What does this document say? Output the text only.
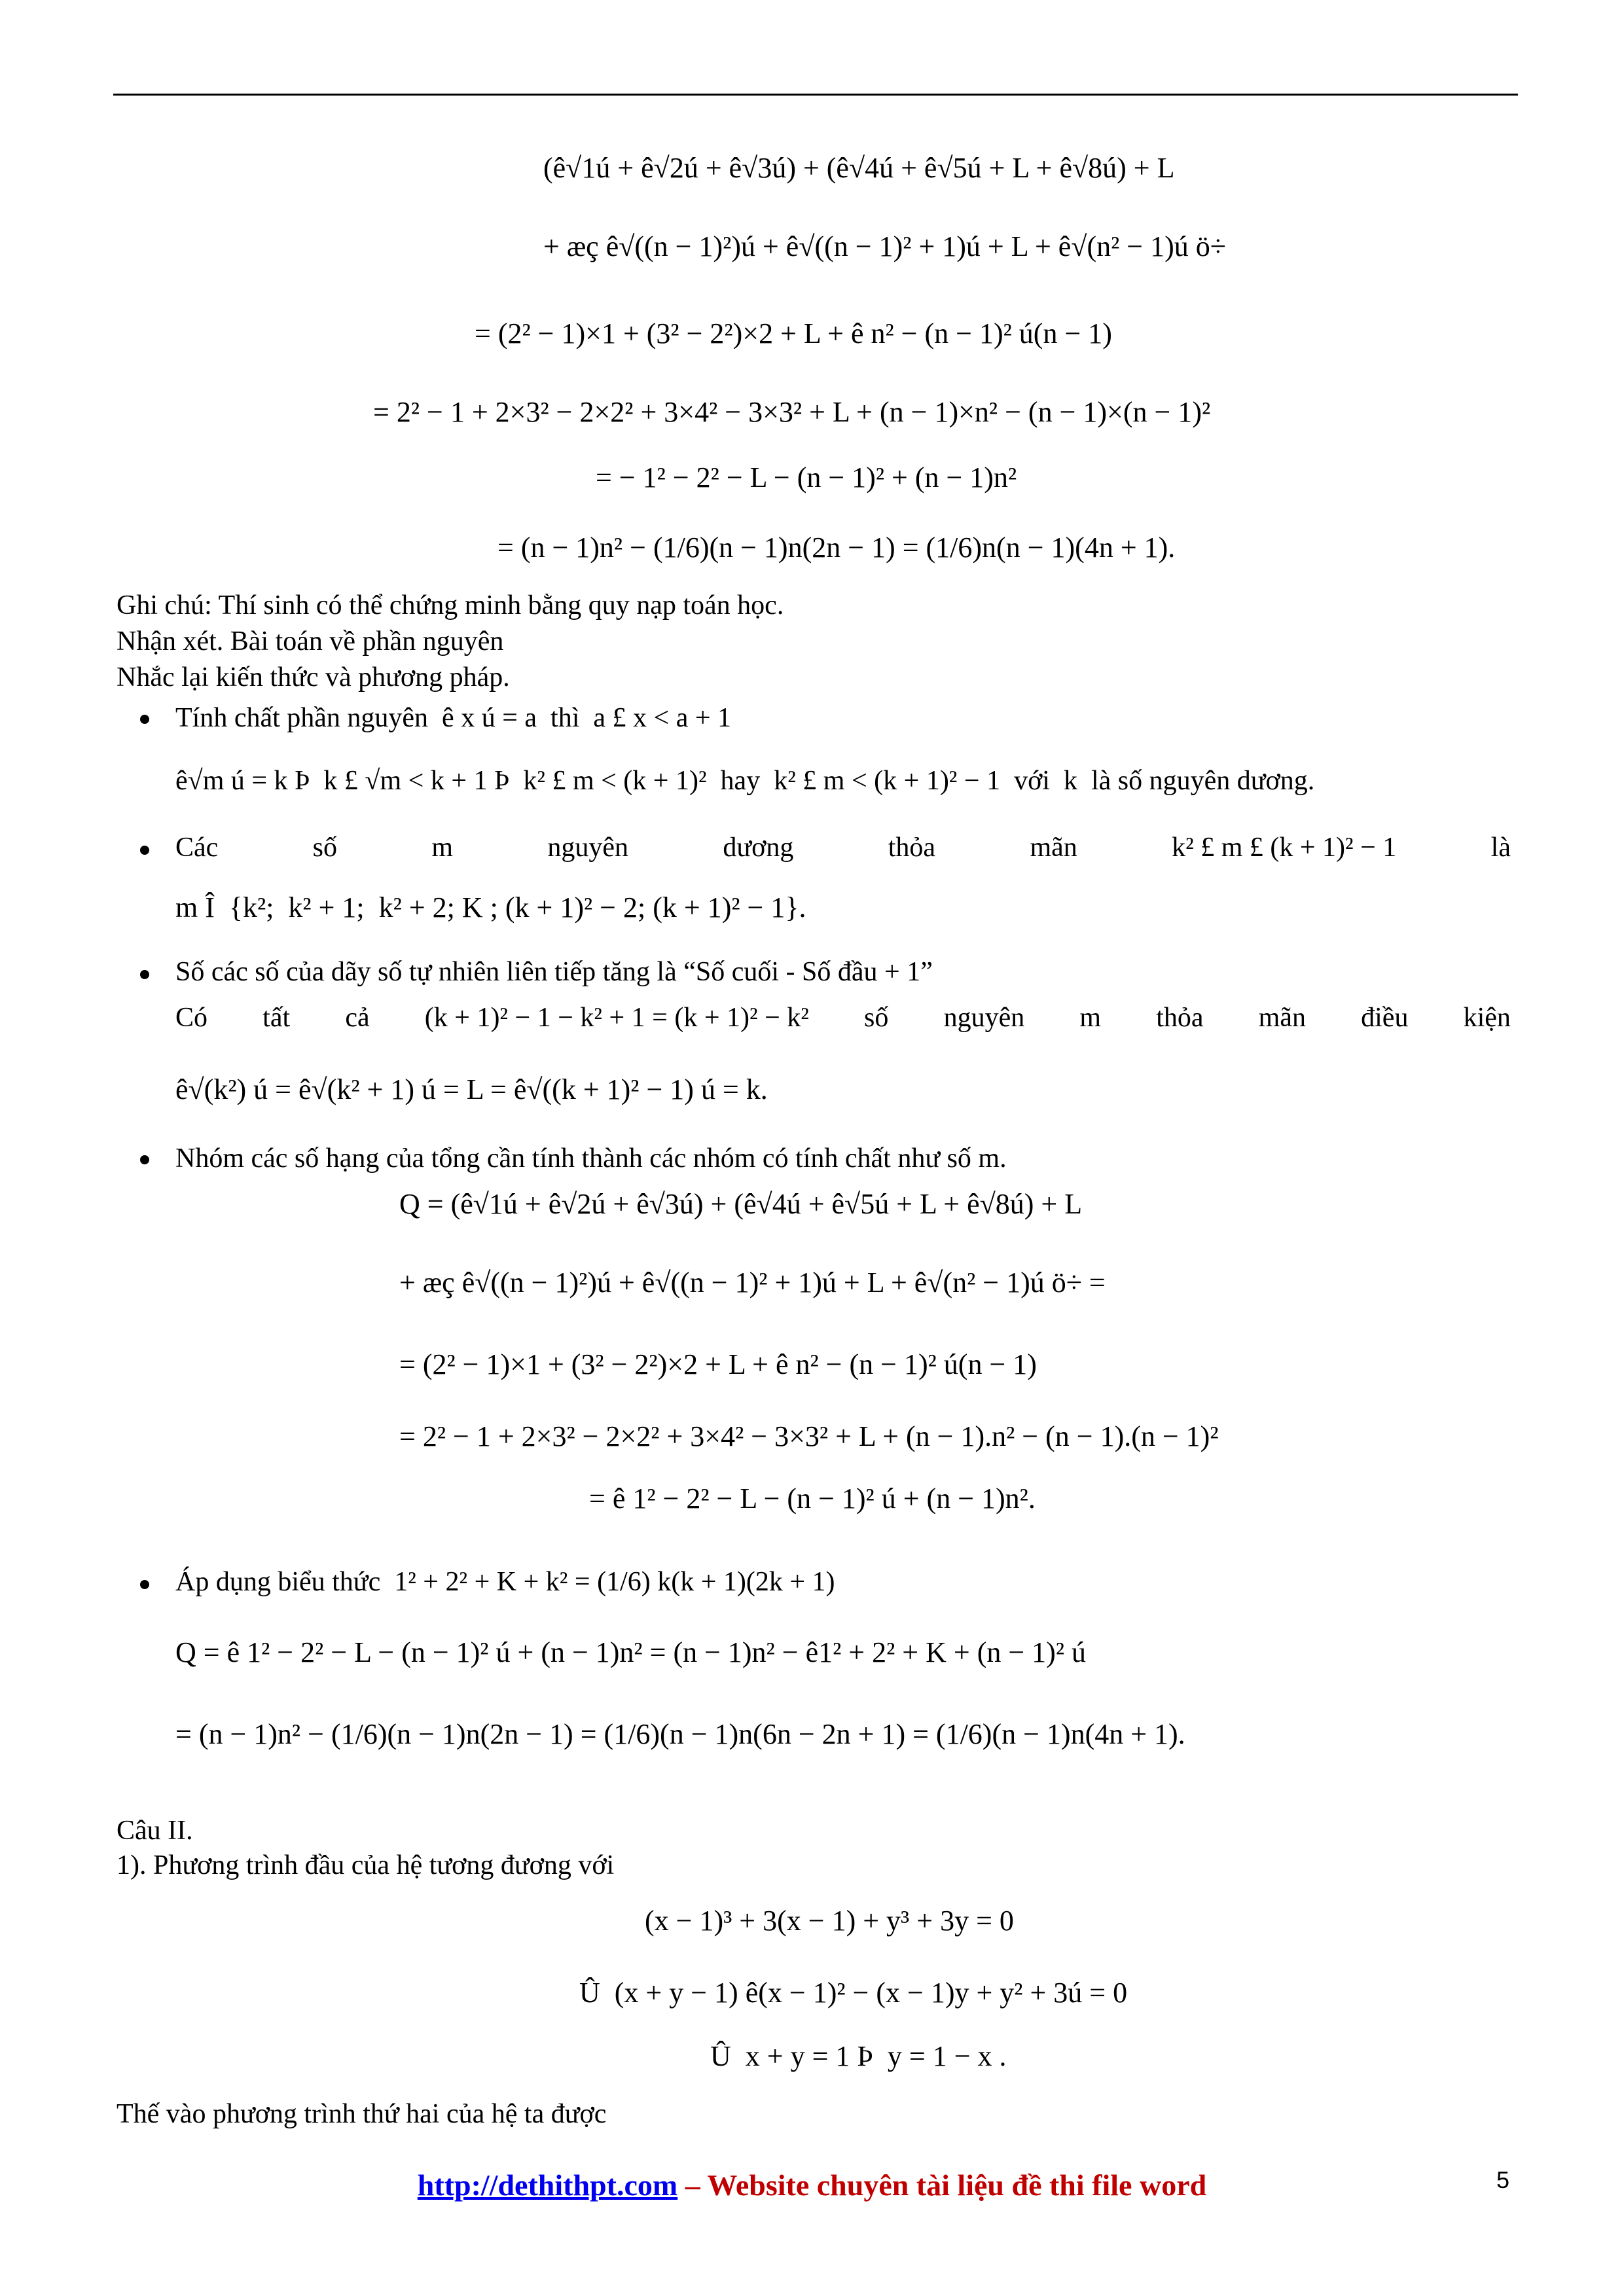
(ê√1ú + ê√2ú + ê√3ú) + (ê√4ú + ê√5ú + L + ê√8ú) + L
+ æç ê√((n − 1)²)ú + ê√((n − 1)² + 1)ú + L + ê√(n² − 1)ú ö÷
= (2² − 1)×1 + (3² − 2²)×2 + L + ê n² − (n − 1)² ú(n − 1)
= 2² − 1 + 2×3² − 2×2² + 3×4² − 3×3² + L + (n − 1)×n² − (n − 1)×(n − 1)²
= − 1² − 2² − L − (n − 1)² + (n − 1)n²
= (n − 1)n² − (1/6)(n − 1)n(2n − 1) = (1/6)n(n − 1)(4n + 1).
Ghi chú: Thí sinh có thể chứng minh bằng quy nạp toán học.
Nhận xét. Bài toán về phần nguyên
Nhắc lại kiến thức và phương pháp.
Tính chất phần nguyên  ê x ú = a  thì  a £ x < a + 1
ê√m ú = k Þ  k £ √m < k + 1 Þ  k² £ m < (k + 1)²  hay  k² £ m < (k + 1)² − 1  với  k  là số nguyên dương.
Các	số	m	nguyên	dương	thỏa	mãn	k² £ m £ (k + 1)² − 1	là
m Î  {k²;  k² + 1;  k² + 2; K ; (k + 1)² − 2; (k + 1)² − 1}.
Số các số của dãy số tự nhiên liên tiếp tăng là “Số cuối - Số đầu + 1”
Có tất cả (k + 1)² − 1 − k² + 1 = (k + 1)² − k² số nguyên m thỏa mãn điều kiện
ê√(k²) ú = ê√(k² + 1) ú = L = ê√((k + 1)² − 1) ú = k.
Nhóm các số hạng của tổng cần tính thành các nhóm có tính chất như số m.
Q = (ê√1ú + ê√2ú + ê√3ú) + (ê√4ú + ê√5ú + L + ê√8ú) + L
+ æç ê√((n − 1)²)ú + ê√((n − 1)² + 1)ú + L + ê√(n² − 1)ú ö÷ =
= (2² − 1)×1 + (3² − 2²)×2 + L + ê n² − (n − 1)² ú(n − 1)
= 2² − 1 + 2×3² − 2×2² + 3×4² − 3×3² + L + (n − 1).n² − (n − 1).(n − 1)²
= ê 1² − 2² − L − (n − 1)² ú + (n − 1)n².
Áp dụng biểu thức  1² + 2² + K + k² = (1/6) k(k + 1)(2k + 1)
Q = ê 1² − 2² − L − (n − 1)² ú + (n − 1)n² = (n − 1)n² − ê1² + 2² + K + (n − 1)² ú
= (n − 1)n² − (1/6)(n − 1)n(2n − 1) = (1/6)(n − 1)n(6n − 2n + 1) = (1/6)(n − 1)n(4n + 1).
Câu II.
1). Phương trình đầu của hệ tương đương với
(x − 1)³ + 3(x − 1) + y³ + 3y = 0
Û  (x + y − 1) ê(x − 1)² − (x − 1)y + y² + 3ú = 0
Û  x + y = 1 Þ  y = 1 − x .
Thế vào phương trình thứ hai của hệ ta được
http://dethithpt.com – Website chuyên tài liệu đề thi file word	5
